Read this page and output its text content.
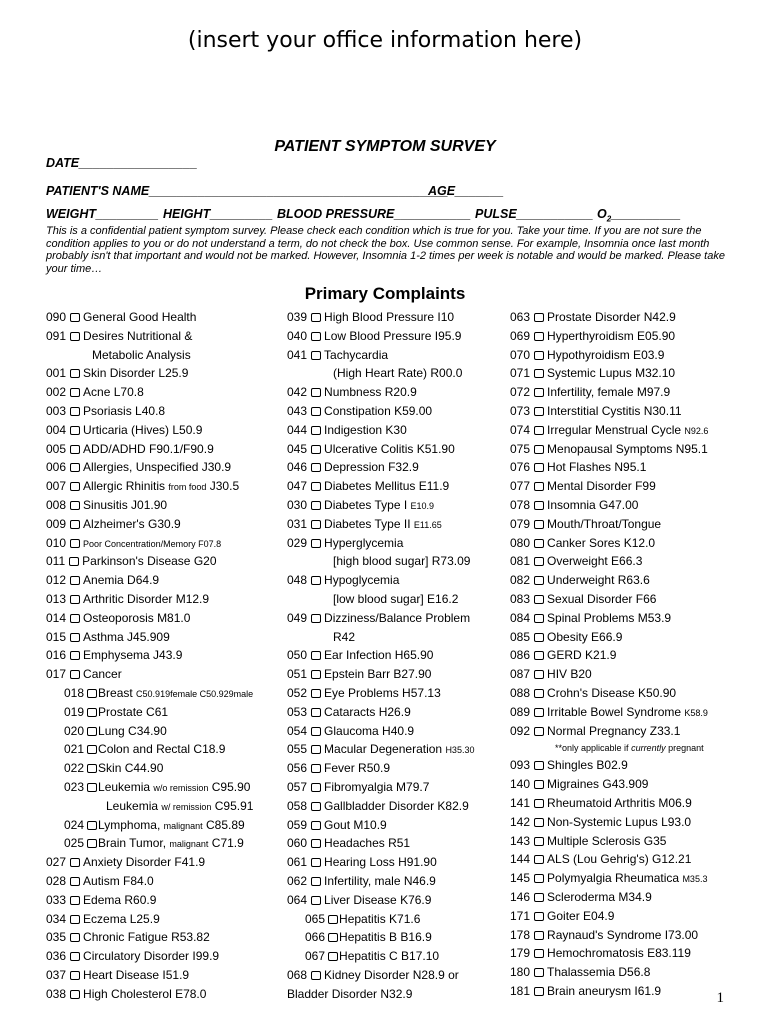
(insert your office information here)
PATIENT SYMPTOM SURVEY
DATE_________________
PATIENT'S NAME___________________________________________
AGE_______
WEIGHT_________ HEIGHT_________ BLOOD PRESSURE___________ PULSE___________ $O_2\_\_\_\_\_\_\_\_\_\_$
This is a confidential patient symptom survey. Please check each condition which is true for you. Take your time. If you are not sure the condition applies to you or do not understand a term, do not check the box. Use common sense. For example, Insomnia once last month probably isn't that important and would not be marked. However, Insomnia 1-2 times per week is notable and would be marked. Please take your time…
Primary Complaints
090 General Good Health
091 Desires Nutritional &
Metabolic Analysis
001 Skin Disorder L25.9
002 Acne L70.8
003 Psoriasis L40.8
004 Urticaria (Hives) L50.9
005 ADD/ADHD F90.1/F90.9
006 Allergies, Unspecified J30.9
007 Allergic Rhinitis from food J30.5
008 Sinusitis J01.90
009 Alzheimer's G30.9
010 Poor Concentration/Memory F07.8
011 Parkinson's Disease G20
012 Anemia D64.9
013 Arthritic Disorder M12.9
014 Osteoporosis M81.0
015 Asthma J45.909
016 Emphysema J43.9
017 Cancer
018 Breast C50.919female C50.929male
019 Prostate C61
020 Lung C34.90
021 Colon and Rectal C18.9
022 Skin C44.90
023 Leukemia w/o remission C95.90
Leukemia w/ remission C95.91
024 Lymphoma, malignant C85.89
025 Brain Tumor, malignant C71.9
027 Anxiety Disorder F41.9
028 Autism F84.0
033 Edema R60.9
034 Eczema L25.9
035 Chronic Fatigue R53.82
036 Circulatory Disorder I99.9
037 Heart Disease I51.9
038 High Cholesterol E78.0
039 High Blood Pressure I10
040 Low Blood Pressure I95.9
041 Tachycardia
(High Heart Rate) R00.0
042 Numbness R20.9
043 Constipation K59.00
044 Indigestion K30
045 Ulcerative Colitis K51.90
046 Depression F32.9
047 Diabetes Mellitus E11.9
030 Diabetes Type I E10.9
031 Diabetes Type II E11.65
029 Hyperglycemia
[high blood sugar] R73.09
048 Hypoglycemia
[low blood sugar] E16.2
049 Dizziness/Balance Problem
R42
050 Ear Infection H65.90
051 Epstein Barr B27.90
052 Eye Problems H57.13
053 Cataracts H26.9
054 Glaucoma H40.9
055 Macular Degeneration H35.30
056 Fever R50.9
057 Fibromyalgia M79.7
058 Gallbladder Disorder K82.9
059 Gout M10.9
060 Headaches R51
061 Hearing Loss H91.90
062 Infertility, male N46.9
064 Liver Disease K76.9
065 Hepatitis K71.6
066 Hepatitis B B16.9
067 Hepatitis C B17.10
068 Kidney Disorder N28.9 or
Bladder Disorder N32.9
063 Prostate Disorder N42.9
069 Hyperthyroidism E05.90
070 Hypothyroidism E03.9
071 Systemic Lupus M32.10
072 Infertility, female M97.9
073 Interstitial Cystitis N30.11
074 Irregular Menstrual Cycle N92.6
075 Menopausal Symptoms N95.1
076 Hot Flashes N95.1
077 Mental Disorder F99
078 Insomnia G47.00
079 Mouth/Throat/Tongue
080 Canker Sores K12.0
081 Overweight E66.3
082 Underweight R63.6
083 Sexual Disorder F66
084 Spinal Problems M53.9
085 Obesity E66.9
086 GERD K21.9
087 HIV B20
088 Crohn's Disease K50.90
089 Irritable Bowel Syndrome K58.9
092 Normal Pregnancy Z33.1
**only applicable if currently pregnant
093 Shingles B02.9
140 Migraines G43.909
141 Rheumatoid Arthritis M06.9
142 Non-Systemic Lupus L93.0
143 Multiple Sclerosis G35
144 ALS (Lou Gehrig's) G12.21
145 Polymyalgia Rheumatica M35.3
146 Scleroderma M34.9
171 Goiter E04.9
178 Raynaud's Syndrome I73.00
179 Hemochromatosis E83.119
180 Thalassemia D56.8
181 Brain aneurysm I61.9	1
